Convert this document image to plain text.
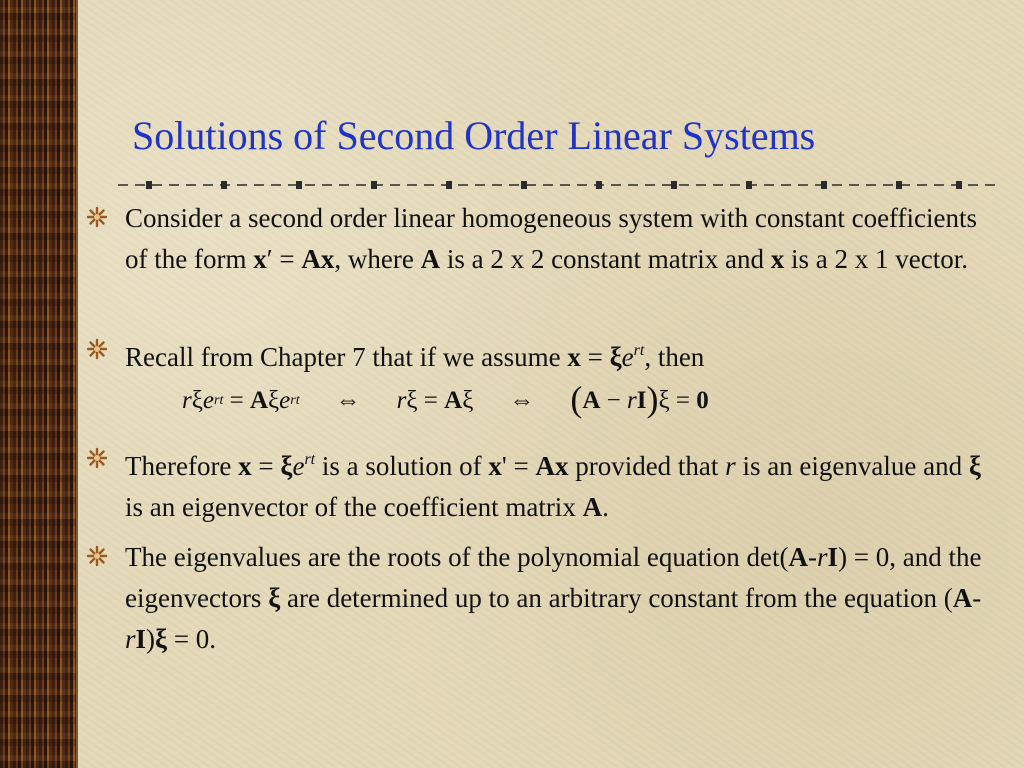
Solutions of Second Order Linear Systems
Consider a second order linear homogeneous system with constant coefficients of the form x′ = Ax, where A is a 2 x 2 constant matrix and x is a 2 x 1 vector.
Recall from Chapter 7 that if we assume $x = \xi e^{rt}$, then
Therefore $x = \xi e^{rt}$ is a solution of x' = Ax provided that r is an eigenvalue and ξ is an eigenvector of the coefficient matrix A.
The eigenvalues are the roots of the polynomial equation det(A-rI) = 0, and the eigenvectors ξ are determined up to an arbitrary constant from the equation (A-rI)ξ = 0.
r ξ e rt = A ξ e rt ⇔ r ξ = A ξ ⇔ ( A − r I ) ξ = 0
